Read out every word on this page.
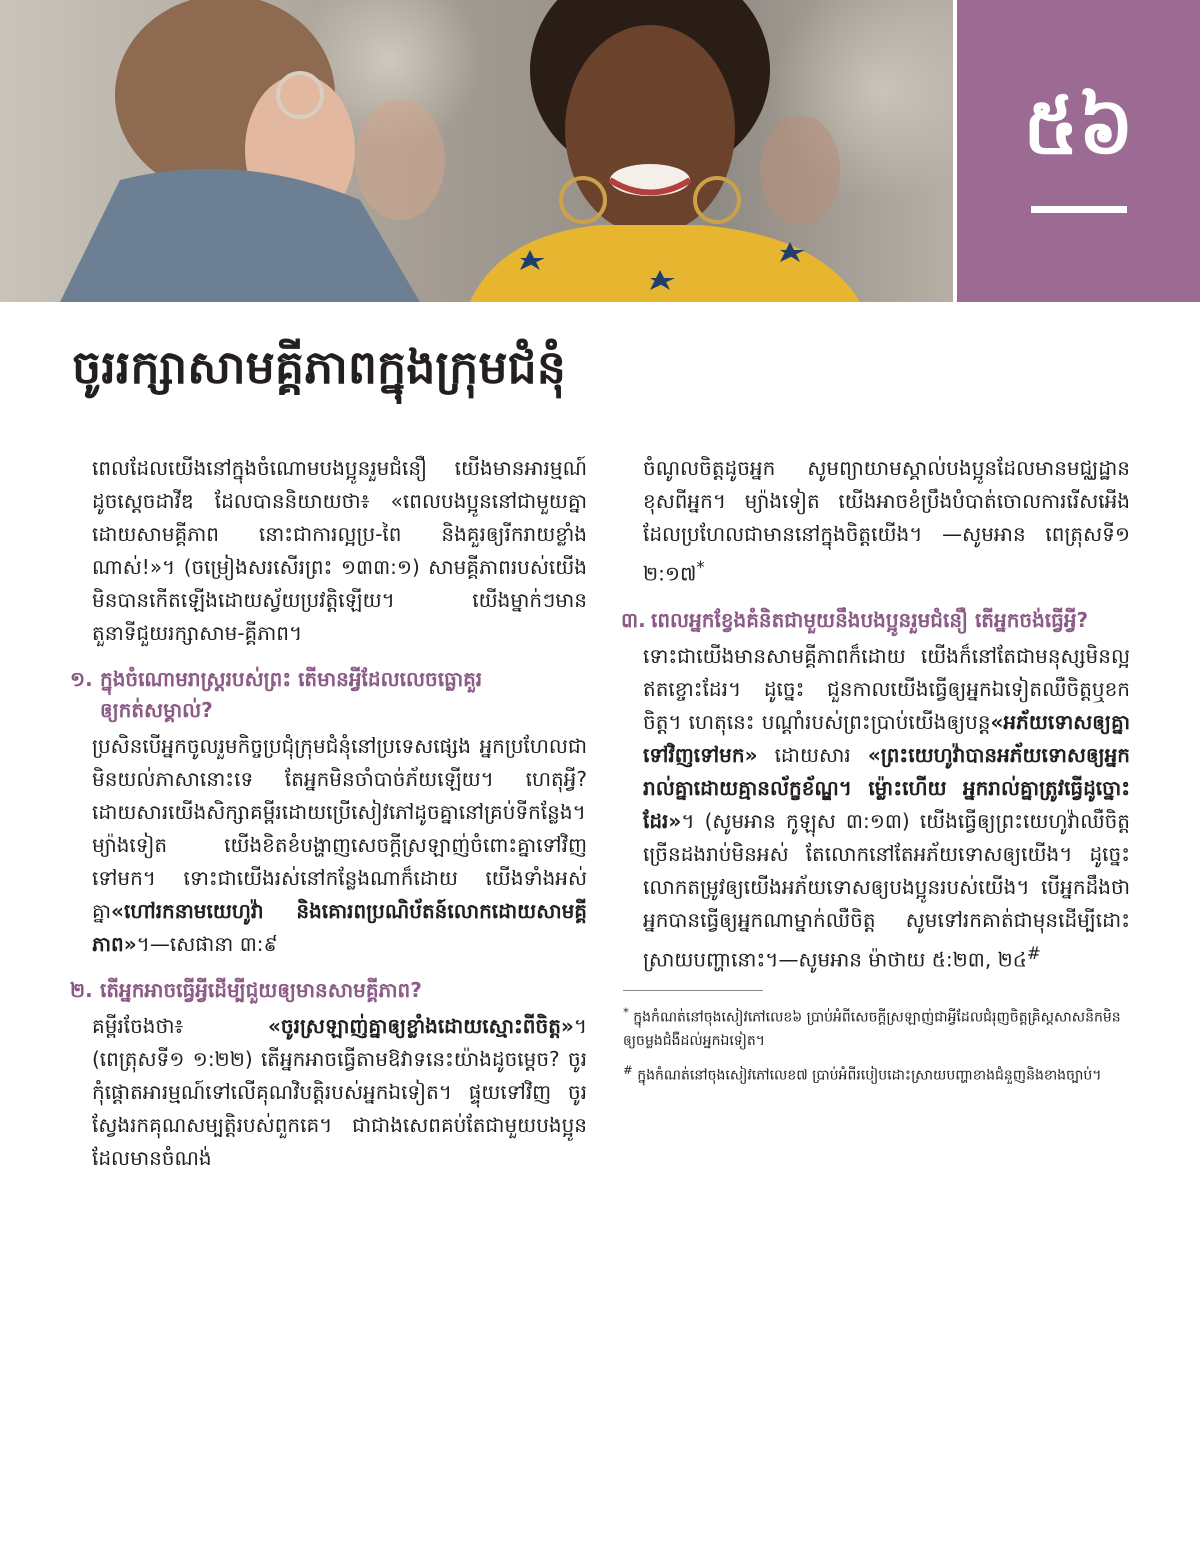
៥៦
ចូររក្សាសាមគ្គីភាពក្នុងក្រុមជំនុំ

ពេលដែលយើងនៅក្នុងចំណោមបងប្អូនរួមជំនឿ យើងមានអារម្មណ៍ដូចស្ដេចដាវីឌ ដែលបាននិយាយថា៖ «ពេលបងប្អូននៅជាមួយគ្នាដោយសាមគ្គីភាព នោះជាការល្អប្រ-ពៃ និងគួរឲ្យរីករាយខ្លាំងណាស់!»។ (ចម្រៀងសរសើរព្រះ ១៣៣:១) សាមគ្គីភាពរបស់យើងមិនបានកើតឡើងដោយស្វ័យប្រវត្តិឡើយ។ យើងម្នាក់ៗមានតួនាទីជួយរក្សាសាម-គ្គីភាព។

១. ក្នុងចំណោមរាស្ត្ររបស់ព្រះ តើមានអ្វីដែលលេចធ្លោគួរឲ្យកត់សម្គាល់?

ប្រសិនបើអ្នកចូលរួមកិច្ចប្រជុំក្រុមជំនុំនៅប្រទេសផ្សេង អ្នកប្រហែលជាមិនយល់ភាសានោះទេ តែអ្នកមិនចាំបាច់ភ័យឡើយ។ ហេតុអ្វី? ដោយសារយើងសិក្សាគម្ពីរដោយប្រើសៀវភៅដូចគ្នានៅគ្រប់ទីកន្លែង។ ម្យ៉ាងទៀត យើងខិតខំបង្ហាញសេចក្ដីស្រឡាញ់ចំពោះគ្នាទៅវិញទៅមក។ ទោះជាយើងរស់នៅកន្លែងណាក៏ដោយ យើងទាំងអស់គ្នា«ហៅរកនាមយេហូវ៉ា និងគោរពប្រណិប័តន៍លោកដោយសាមគ្គីភាព»។—សេផានា ៣:៩

២. តើអ្នកអាចធ្វើអ្វីដើម្បីជួយឲ្យមានសាមគ្គីភាព?

គម្ពីរចែងថា៖ «ចូរស្រឡាញ់គ្នាឲ្យខ្លាំងដោយស្មោះពីចិត្ត»។ (ពេត្រុសទី១ ១:២២) តើអ្នកអាចធ្វើតាមឱវាទនេះយ៉ាងដូចម្ដេច? ចូរកុំផ្ដោតអារម្មណ៍ទៅលើគុណវិបត្តិរបស់អ្នកឯទៀត។ ផ្ទុយទៅវិញ ចូរស្វែងរកគុណសម្បត្តិរបស់ពួកគេ។ ជាជាងសេពគប់តែជាមួយបងប្អូនដែលមានចំណង់

ចំណូលចិត្តដូចអ្នក សូមព្យាយាមស្គាល់បងប្អូនដែលមានមជ្ឈដ្ឋានខុសពីអ្នក។ ម្យ៉ាងទៀត យើងអាចខំប្រឹងបំបាត់ចោលការរើសអើងដែលប្រហែលជាមាននៅក្នុងចិត្តយើង។ —សូមអាន ពេត្រុសទី១ ២:១៧*

៣. ពេលអ្នកខ្វែងគំនិតជាមួយនឹងបងប្អូនរួមជំនឿ តើអ្នកចង់ធ្វើអ្វី?

ទោះជាយើងមានសាមគ្គីភាពក៏ដោយ យើងក៏នៅតែជាមនុស្សមិនល្អឥតខ្ចោះដែរ។ ដូច្នេះ ជួនកាលយើងធ្វើឲ្យអ្នកឯទៀតឈឺចិត្តឬខកចិត្ត។ ហេតុនេះ បណ្ដាំរបស់ព្រះប្រាប់យើងឲ្យបន្ត«អភ័យទោសឲ្យគ្នាទៅវិញទៅមក» ដោយសារ «ព្រះយេហូវ៉ាបានអភ័យទោសឲ្យអ្នករាល់គ្នាដោយគ្មានល័ក្ខខ័ណ្ឌ។ ម្ល៉ោះហើយ អ្នករាល់គ្នាត្រូវធ្វើដូច្នោះដែរ»។ (សូមអាន កូឡុស ៣:១៣) យើងធ្វើឲ្យព្រះយេហូវ៉ាឈឺចិត្តច្រើនដងរាប់មិនអស់ តែលោកនៅតែអភ័យទោសឲ្យយើង។ ដូច្នេះ លោកតម្រូវឲ្យយើងអភ័យទោសឲ្យបងប្អូនរបស់យើង។ បើអ្នកដឹងថាអ្នកបានធ្វើឲ្យអ្នកណាម្នាក់ឈឺចិត្ត សូមទៅរកគាត់ជាមុនដើម្បីដោះស្រាយបញ្ហានោះ។—សូមអាន ម៉ាថាយ ៥:២៣, ២៤#

* ក្នុងកំណត់នៅចុងសៀវភៅលេខ៦ ប្រាប់អំពីសេចក្ដីស្រឡាញ់ជាអ្វីដែលជំរុញចិត្តគ្រិស្តសាសនិកមិនឲ្យចម្លងជំងឺដល់អ្នកឯទៀត។
# ក្នុងកំណត់នៅចុងសៀវភៅលេខ៧ ប្រាប់អំពីរបៀបដោះស្រាយបញ្ហាខាងជំនួញនិងខាងច្បាប់។
